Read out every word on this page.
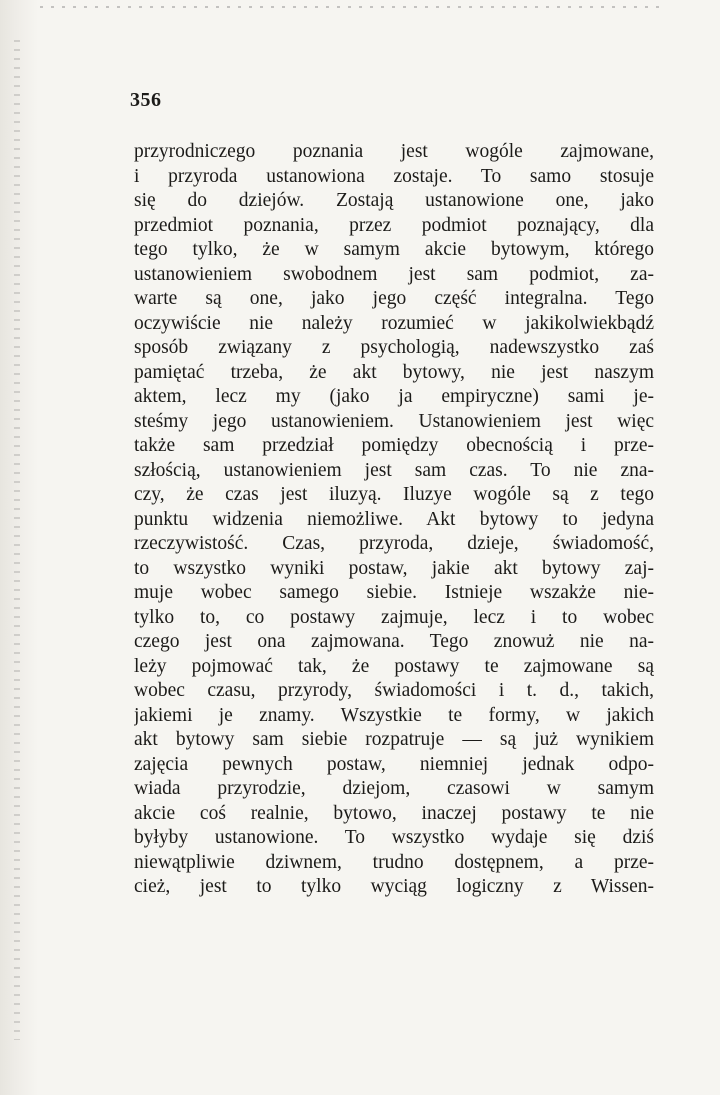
356

przyrodniczego poznania jest wogóle zajmowane,
i przyroda ustanowiona zostaje. To samo stosuje
się do dziejów. Zostają ustanowione one, jako
przedmiot poznania, przez podmiot poznający, dla
tego tylko, że w samym akcie bytowym, którego
ustanowieniem swobodnem jest sam podmiot, za-
warte są one, jako jego część integralna. Tego
oczywiście nie należy rozumieć w jakikolwiekbądź
sposób związany z psychologią, nadewszystko zaś
pamiętać trzeba, że akt bytowy, nie jest naszym
aktem, lecz my (jako ja empiryczne) sami je-
steśmy jego ustanowieniem. Ustanowieniem jest więc
także sam przedział pomiędzy obecnością i prze-
szłością, ustanowieniem jest sam czas. To nie zna-
czy, że czas jest iluzyą. Iluzye wogóle są z tego
punktu widzenia niemożliwe. Akt bytowy to jedyna
rzeczywistość. Czas, przyroda, dzieje, świadomość,
to wszystko wyniki postaw, jakie akt bytowy zaj-
muje wobec samego siebie. Istnieje wszakże nie-
tylko to, co postawy zajmuje, lecz i to wobec
czego jest ona zajmowana. Tego znowuż nie na-
leży pojmować tak, że postawy te zajmowane są
wobec czasu, przyrody, świadomości i t. d., takich,
jakiemi je znamy. Wszystkie te formy, w jakich
akt bytowy sam siebie rozpatruje — są już wynikiem
zajęcia pewnych postaw, niemniej jednak odpo-
wiada przyrodzie, dziejom, czasowi w samym
akcie coś realnie, bytowo, inaczej postawy te nie
byłyby ustanowione. To wszystko wydaje się dziś
niewątpliwie dziwnem, trudno dostępnem, a prze-
cież, jest to tylko wyciąg logiczny z Wissen-
